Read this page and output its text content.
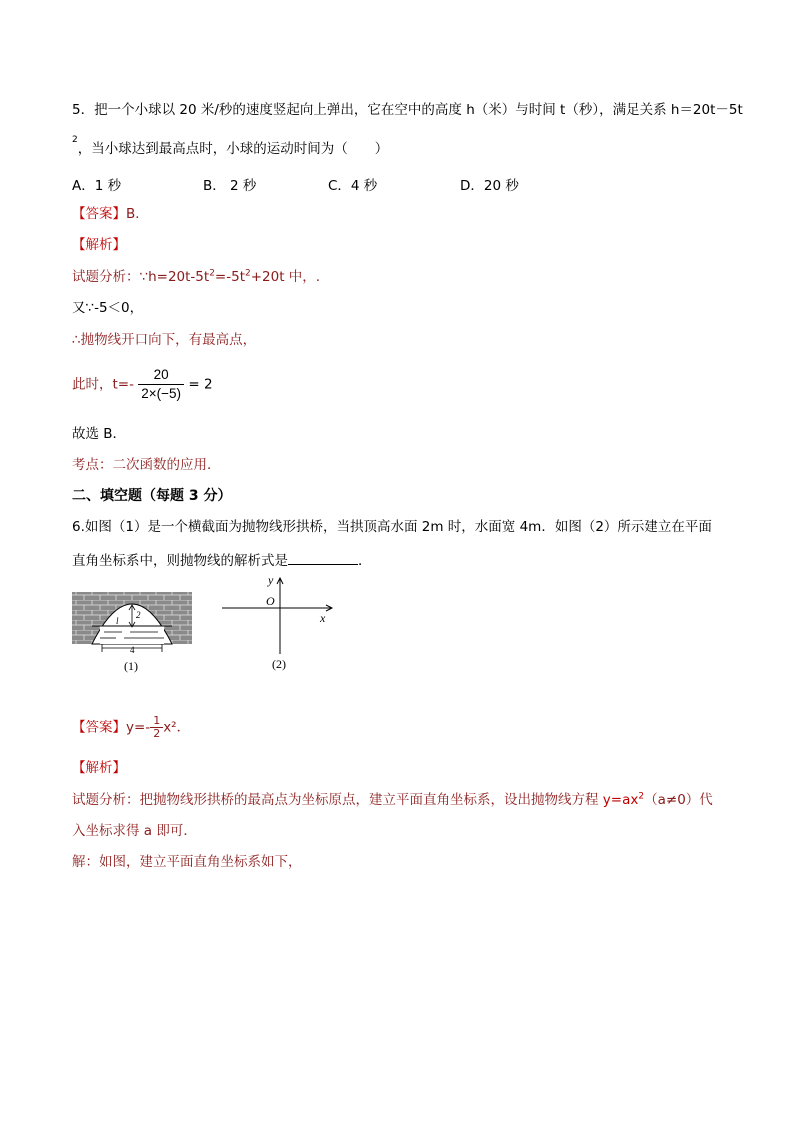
5．把一个小球以 20 米/秒的速度竖起向上弹出，它在空中的高度 h（米）与时间 t（秒），满足关系 h＝20t－5t
$^2$，当小球达到最高点时，小球的运动时间为（　　）
A．1 秒	B． 2 秒	C．4 秒	D．20 秒
【答案】B．
【解析】
试题分析：$\because h=20t-5t^2=-5t^2+20t$ 中，.
又∵-5＜0，
∴抛物线开口向下，有最高点，
此时，$t=- \frac{20}{2\times(-5)} = 2$
故选 B．
考点：二次函数的应用．
二、填空题（每题 3 分）
6.如图（1）是一个横截面为抛物线形拱桥，当拱顶高水面 2m 时，水面宽 4m．如图（2）所示建立在平面
直角坐标系中，则抛物线的解析式是	．
2
l
4
(1)
x
y
O
(2)
【答案】$y=- \frac{1}{2} x^2$．
【解析】
试题分析：把抛物线形拱桥的最高点为坐标原点，建立平面直角坐标系，设出抛物线方程 $y=ax^2(a\ne 0)$代
入坐标求得 a 即可．
解：如图，建立平面直角坐标系如下，
